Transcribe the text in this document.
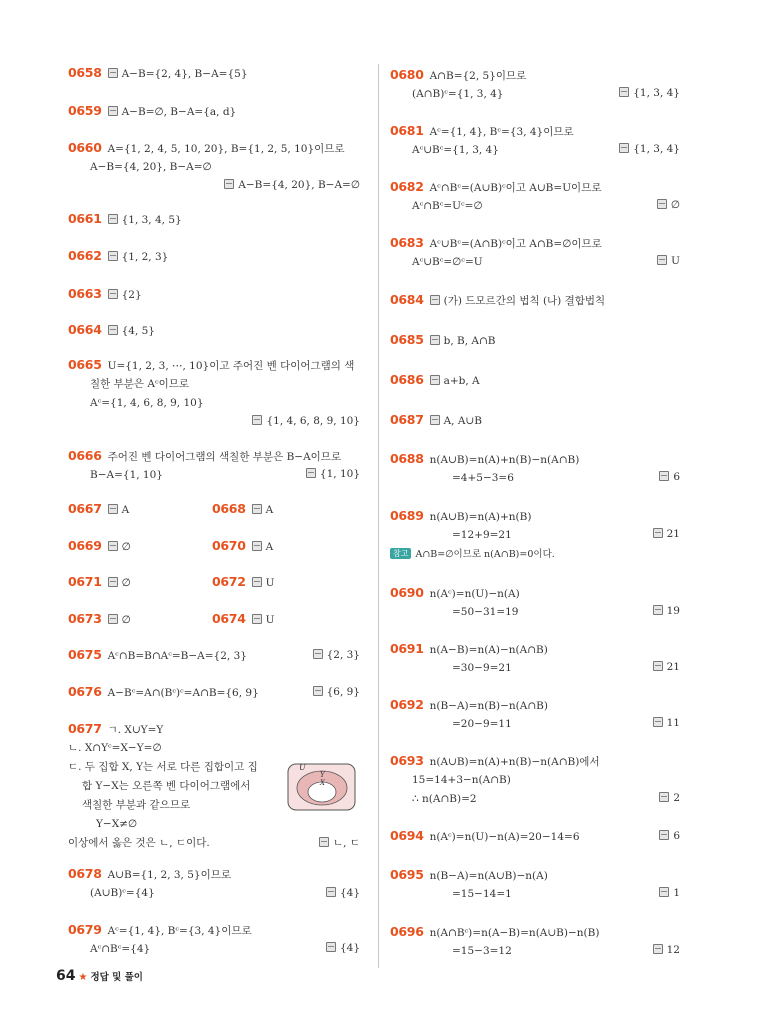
0658 A−B={2, 4}, B−A={5}
0659 A−B=∅, B−A={a, d}
0660 A={1, 2, 4, 5, 10, 20}, B={1, 2, 5, 10}이므로
A−B={4, 20}, B−A=∅
A−B={4, 20}, B−A=∅
0661 {1, 3, 4, 5}
0662 {1, 2, 3}
0663 {2}
0664 {4, 5}
0665 U={1, 2, 3, ⋯, 10}이고 주어진 벤 다이어그램의 색
칠한 부분은 Aᶜ이므로
Aᶜ={1, 4, 6, 8, 9, 10}
{1, 4, 6, 8, 9, 10}
0666 주어진 벤 다이어그램의 색칠한 부분은 B−A이므로
B−A={1, 10}	{1, 10}
0675 Aᶜ∩B=B∩Aᶜ=B−A={2, 3}	{2, 3}
0676 A−Bᶜ=A∩(Bᶜ)ᶜ=A∩B={6, 9}	{6, 9}
0678 A∪B={1, 2, 3, 5}이므로
(A∪B)ᶜ={4}	{4}
0679 Aᶜ={1, 4}, Bᶜ={3, 4}이므로
Aᶜ∩Bᶜ={4}	{4}
0667 A	0668 A
0669 ∅	0670 A
0671 ∅	0672 U
0673 ∅	0674 U
0677 ㄱ. X∪Y=Y
ㄴ. X∩Yᶜ=X−Y=∅
ㄷ. 두 집합 X, Y는 서로 다른 집합이고 집
합 Y−X는 오른쪽 벤 다이어그램에서
색칠한 부분과 같으므로
Y−X≠∅
이상에서 옳은 것은 ㄴ, ㄷ이다.	ㄴ, ㄷ
0680 A∩B={2, 5}이므로
(A∩B)ᶜ={1, 3, 4}	{1, 3, 4}
0681 Aᶜ={1, 4}, Bᶜ={3, 4}이므로
Aᶜ∪Bᶜ={1, 3, 4}	{1, 3, 4}
0682 Aᶜ∩Bᶜ=(A∪B)ᶜ이고 A∪B=U이므로
Aᶜ∩Bᶜ=Uᶜ=∅	∅
0683 Aᶜ∪Bᶜ=(A∩B)ᶜ이고 A∩B=∅이므로
Aᶜ∪Bᶜ=∅ᶜ=U	U
0684 (가) 드모르간의 법칙 (나) 결합법칙
0685 b, B, A∩B
0686 a+b, A
0687 A, A∪B
0688 n(A∪B)=n(A)+n(B)−n(A∩B)
=4+5−3=6	6
0689 n(A∪B)=n(A)+n(B)
=12+9=21	21
0690 n(Aᶜ)=n(U)−n(A)
=50−31=19	19
0691 n(A−B)=n(A)−n(A∩B)
=30−9=21	21
0692 n(B−A)=n(B)−n(A∩B)
=20−9=11	11
0693 n(A∪B)=n(A)+n(B)−n(A∩B)에서
15=14+3−n(A∩B)
∴ n(A∩B)=2	2
0694 n(Aᶜ)=n(U)−n(A)=20−14=6	6
0695 n(B−A)=n(A∪B)−n(A)
=15−14=1	1
0696 n(A∩Bᶜ)=n(A−B)=n(A∪B)−n(B)
=15−3=12	12
U
Y
X
참고 A∩B=∅이므로 n(A∩B)=0이다.
64 ★ 정답 및 풀이
